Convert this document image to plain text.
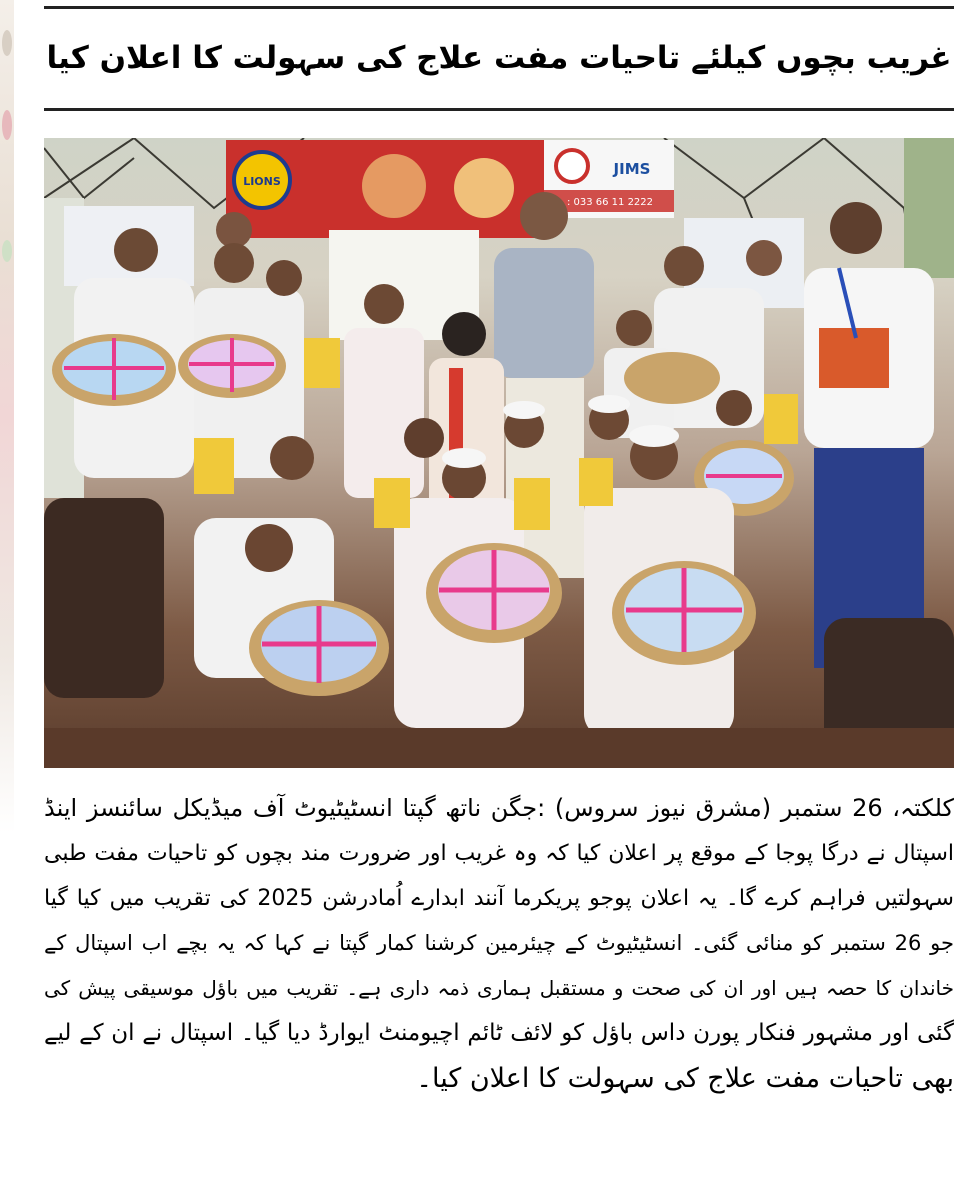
غریب بچوں کیلئے تاحیات مفت علاج کی سہولت کا اعلان کیا
LIONS
JIMS
: 033 66 11 2222
کلکتہ، 26 ستمبر (مشرق نیوز سروس) :جگن ناتھ گپتا انسٹیٹیوٹ آف میڈیکل سائنسز اینڈ
اسپتال نے درگا پوجا کے موقع پر اعلان کیا کہ وہ غریب اور ضرورت مند بچوں کو تاحیات مفت طبی
سہولتیں فراہم کرے گا۔ یہ اعلان پوجو پریکرما آنند ابدارے اُمادرشن 2025 کی تقریب میں کیا گیا
جو 26 ستمبر کو منائی گئی۔ انسٹیٹیوٹ کے چیئرمین کرشنا کمار گپتا نے کہا کہ یہ بچے اب اسپتال کے
خاندان کا حصہ ہیں اور ان کی صحت و مستقبل ہماری ذمہ داری ہے۔ تقریب میں باؤل موسیقی پیش کی
گئی اور مشہور فنکار پورن داس باؤل کو لائف ٹائم اچیومنٹ ایوارڈ دیا گیا۔ اسپتال نے ان کے لیے
بھی تاحیات مفت علاج کی سہولت کا اعلان کیا۔
